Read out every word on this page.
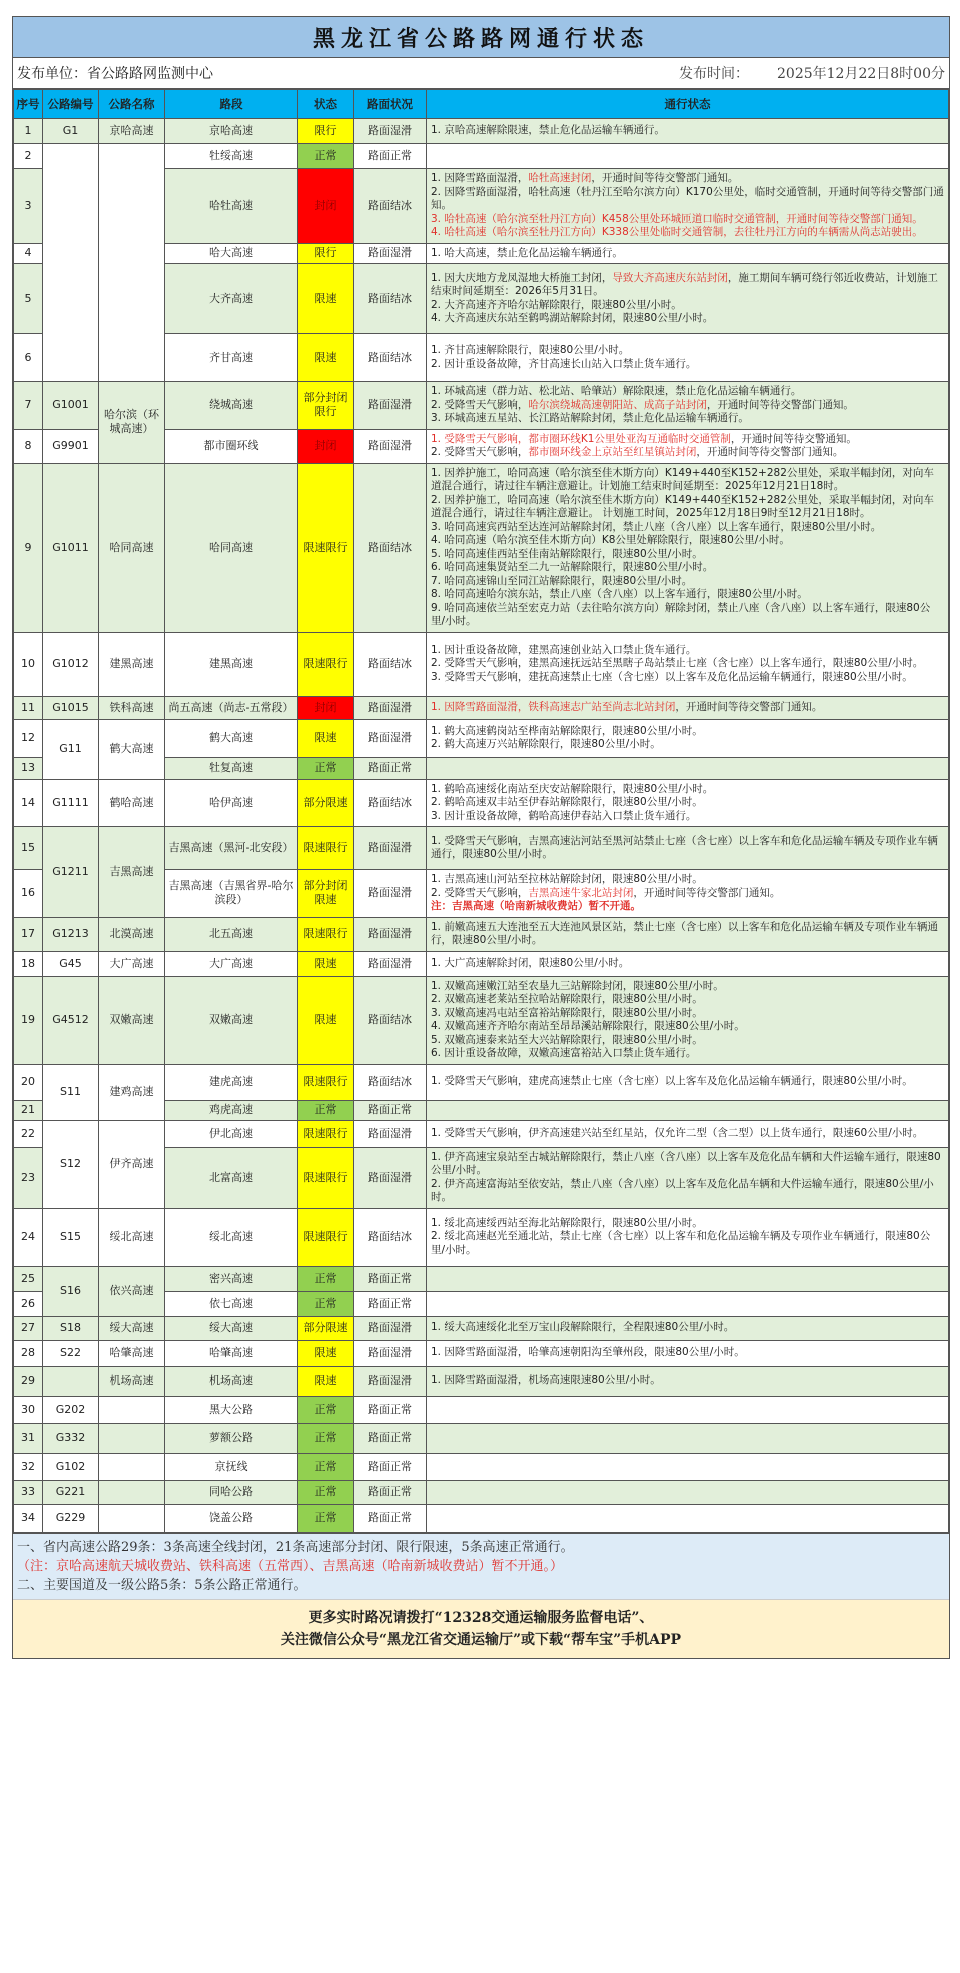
黑龙江省公路路网通行状态
发布单位：省公路路网监测中心	发布时间： 2025年12月22日8时00分
序号	公路编号	公路名称	路段	状态	路面状况	通行状态
1	G1	京哈高速	京哈高速	限行	路面湿滑	1. 京哈高速解除限速，禁止危化品运输车辆通行。

2			牡绥高速	正常	路面正常	
3			哈牡高速	封闭	路面结冰	1. 因降雪路面湿滑，哈牡高速封闭，开通时间等待交警部门通知。
2. 因降雪路面湿滑，哈牡高速（牡丹江至哈尔滨方向）K170公里处，临时交通管制，开通时间等待交警部门通知。
3. 哈牡高速（哈尔滨至牡丹江方向）K458公里处环城匝道口临时交通管制，开通时间等待交警部门通知。
4. 哈牡高速（哈尔滨至牡丹江方向）K338公里处临时交通管制，去往牡丹江方向的车辆需从尚志站驶出。

4			哈大高速	限行	路面湿滑	1. 哈大高速，禁止危化品运输车辆通行。

5			大齐高速	限速	路面结冰	1. 因大庆地方龙凤湿地大桥施工封闭，导致大齐高速庆东站封闭，施工期间车辆可绕行邻近收费站，计划施工结束时间延期至：2026年5月31日。
2. 大齐高速齐齐哈尔站解除限行，限速80公里/小时。
4. 大齐高速庆东站至鹤鸣湖站解除封闭，限速80公里/小时。

6			齐甘高速	限速	路面结冰	1. 齐甘高速解除限行，限速80公里/小时。
2. 因计重设备故障，齐甘高速长山站入口禁止货车通行。

7	G1001	哈尔滨（环城高速）	绕城高速	部分封闭限行	路面湿滑	1. 环城高速（群力站、松北站、哈肇站）解除限速，禁止危化品运输车辆通行。
2. 受降雪天气影响，哈尔滨绕城高速朝阳站、成高子站封闭，开通时间等待交警部门通知。
3. 环城高速五星站、长江路站解除封闭，禁止危化品运输车辆通行。

8	G9901		都市圈环线	封闭	路面湿滑	1. 受降雪天气影响，都市圈环线K1公里处亚沟互通临时交通管制，开通时间等待交警通知。
2. 受降雪天气影响，都市圈环线金上京站至红星镇站封闭，开通时间等待交警部门通知。

9	G1011	哈同高速	哈同高速	限速限行	路面结冰	
1. 因养护施工，哈同高速（哈尔滨至佳木斯方向）K149+440至K152+282公里处，采取半幅封闭，对向车道混合通行，请过往车辆注意避让。计划施工结束时间延期至：2025年12月21日18时。
2. 因养护施工，哈同高速（哈尔滨至佳木斯方向）K149+440至K152+282公里处，采取半幅封闭，对向车道混合通行，请过往车辆注意避让。 计划施工时间，2025年12月18日9时至12月21日18时。
3. 哈同高速宾西站至达连河站解除封闭，禁止八座（含八座）以上客车通行，限速80公里/小时。
4. 哈同高速（哈尔滨至佳木斯方向）K8公里处解除限行，限速80公里/小时。
5. 哈同高速佳西站至佳南站解除限行，限速80公里/小时。
6. 哈同高速集贤站至二九一站解除限行，限速80公里/小时。
7. 哈同高速锦山至同江站解除限行，限速80公里/小时。
8. 哈同高速哈尔滨东站，禁止八座（含八座）以上客车通行，限速80公里/小时。
9. 哈同高速依兰站至宏克力站（去往哈尔滨方向）解除封闭，禁止八座（含八座）以上客车通行，限速80公里/小时。

10	G1012	建黑高速	建黑高速	限速限行	路面结冰	1. 因计重设备故障，建黑高速创业站入口禁止货车通行。
2. 受降雪天气影响，建黑高速抚远站至黑瞎子岛站禁止七座（含七座）以上客车通行，限速80公里/小时。
3. 受降雪天气影响，建抚高速禁止七座（含七座）以上客车及危化品运输车辆通行，限速80公里/小时。

11	G1015	铁科高速	尚五高速（尚志-五常段）	封闭	路面湿滑	1. 因降雪路面湿滑，铁科高速志广站至尚志北站封闭，开通时间等待交警部门通知。

12	G11	鹤大高速	鹤大高速	限速	路面湿滑	1. 鹤大高速鹤岗站至桦南站解除限行，限速80公里/小时。
2. 鹤大高速万兴站解除限行，限速80公里/小时。

13			牡复高速	正常	路面正常	
14	G1111	鹤哈高速	哈伊高速	部分限速	路面结冰	1. 鹤哈高速绥化南站至庆安站解除限行，限速80公里/小时。
2. 鹤哈高速双丰站至伊春站解除限行，限速80公里/小时。
3. 因计重设备故障，鹤哈高速伊春站入口禁止货车通行。

15	G1211	吉黑高速	吉黑高速（黑河-北安段）	限速限行	路面湿滑	1. 受降雪天气影响，吉黑高速沾河站至黑河站禁止七座（含七座）以上客车和危化品运输车辆及专项作业车辆通行，限速80公里/小时。

16			吉黑高速（吉黑省界-哈尔滨段）	部分封闭限速	路面湿滑	1. 吉黑高速山河站至拉林站解除封闭，限速80公里/小时。
2. 受降雪天气影响，吉黑高速牛家北站封闭，开通时间等待交警部门通知。
注：吉黑高速（哈南新城收费站）暂不开通。

17	G1213	北漠高速	北五高速	限速限行	路面湿滑	1. 前嫩高速五大连池至五大连池风景区站，禁止七座（含七座）以上客车和危化品运输车辆及专项作业车辆通行，限速80公里/小时。

18	G45	大广高速	大广高速	限速	路面湿滑	1. 大广高速解除封闭，限速80公里/小时。

19	G4512	双嫩高速	双嫩高速	限速	路面结冰	
1. 双嫩高速嫩江站至农垦九三站解除封闭，限速80公里/小时。
2. 双嫩高速老莱站至拉哈站解除限行，限速80公里/小时。
3. 双嫩高速冯屯站至富裕站解除限行，限速80公里/小时。
4. 双嫩高速齐齐哈尔南站至昂昂溪站解除限行，限速80公里/小时。
5. 双嫩高速泰来站至大兴站解除限行，限速80公里/小时。
6. 因计重设备故障，双嫩高速富裕站入口禁止货车通行。

20	S11	建鸡高速	建虎高速	限速限行	路面结冰	1. 受降雪天气影响，建虎高速禁止七座（含七座）以上客车及危化品运输车辆通行，限速80公里/小时。

21			鸡虎高速	正常	路面正常	
22	S12	伊齐高速	伊北高速	限速限行	路面湿滑	1. 受降雪天气影响，伊齐高速建兴站至红星站，仅允许二型（含二型）以上货车通行，限速60公里/小时。

23			北富高速	限速限行	路面湿滑	1. 伊齐高速宝泉站至古城站解除限行，禁止八座（含八座）以上客车及危化品车辆和大件运输车通行，限速80公里/小时。
2. 伊齐高速富海站至依安站，禁止八座（含八座）以上客车及危化品车辆和大件运输车通行，限速80公里/小时。

24	S15	绥北高速	绥北高速	限速限行	路面结冰	1. 绥北高速绥西站至海北站解除限行，限速80公里/小时。
2. 绥北高速赵光至通北站，禁止七座（含七座）以上客车和危化品运输车辆及专项作业车辆通行，限速80公里/小时。

25	S16	依兴高速	密兴高速	正常	路面正常	
26			依七高速	正常	路面正常	
27	S18	绥大高速	绥大高速	部分限速	路面湿滑	1. 绥大高速绥化北至万宝山段解除限行，全程限速80公里/小时。

28	S22	哈肇高速	哈肇高速	限速	路面湿滑	1. 因降雪路面湿滑，哈肇高速朝阳沟至肇州段，限速80公里/小时。

29		机场高速	机场高速	限速	路面湿滑	1. 因降雪路面湿滑，机场高速限速80公里/小时。

30	G202		黑大公路	正常	路面正常	
31	G332		萝额公路	正常	路面正常	
32	G102		京抚线	正常	路面正常	
33	G221		同哈公路	正常	路面正常	
34	G229		饶盖公路	正常	路面正常	
一、省内高速公路29条：3条高速全线封闭，21条高速部分封闭、限行限速，5条高速正常通行。
（注：京哈高速航天城收费站、铁科高速（五常西）、吉黑高速（哈南新城收费站）暂不开通。）
二、主要国道及一级公路5条：5条公路正常通行。
更多实时路况请拨打“12328交通运输服务监督电话”、
关注微信公众号“黑龙江省交通运输厅”或下载“帮车宝”手机APP
